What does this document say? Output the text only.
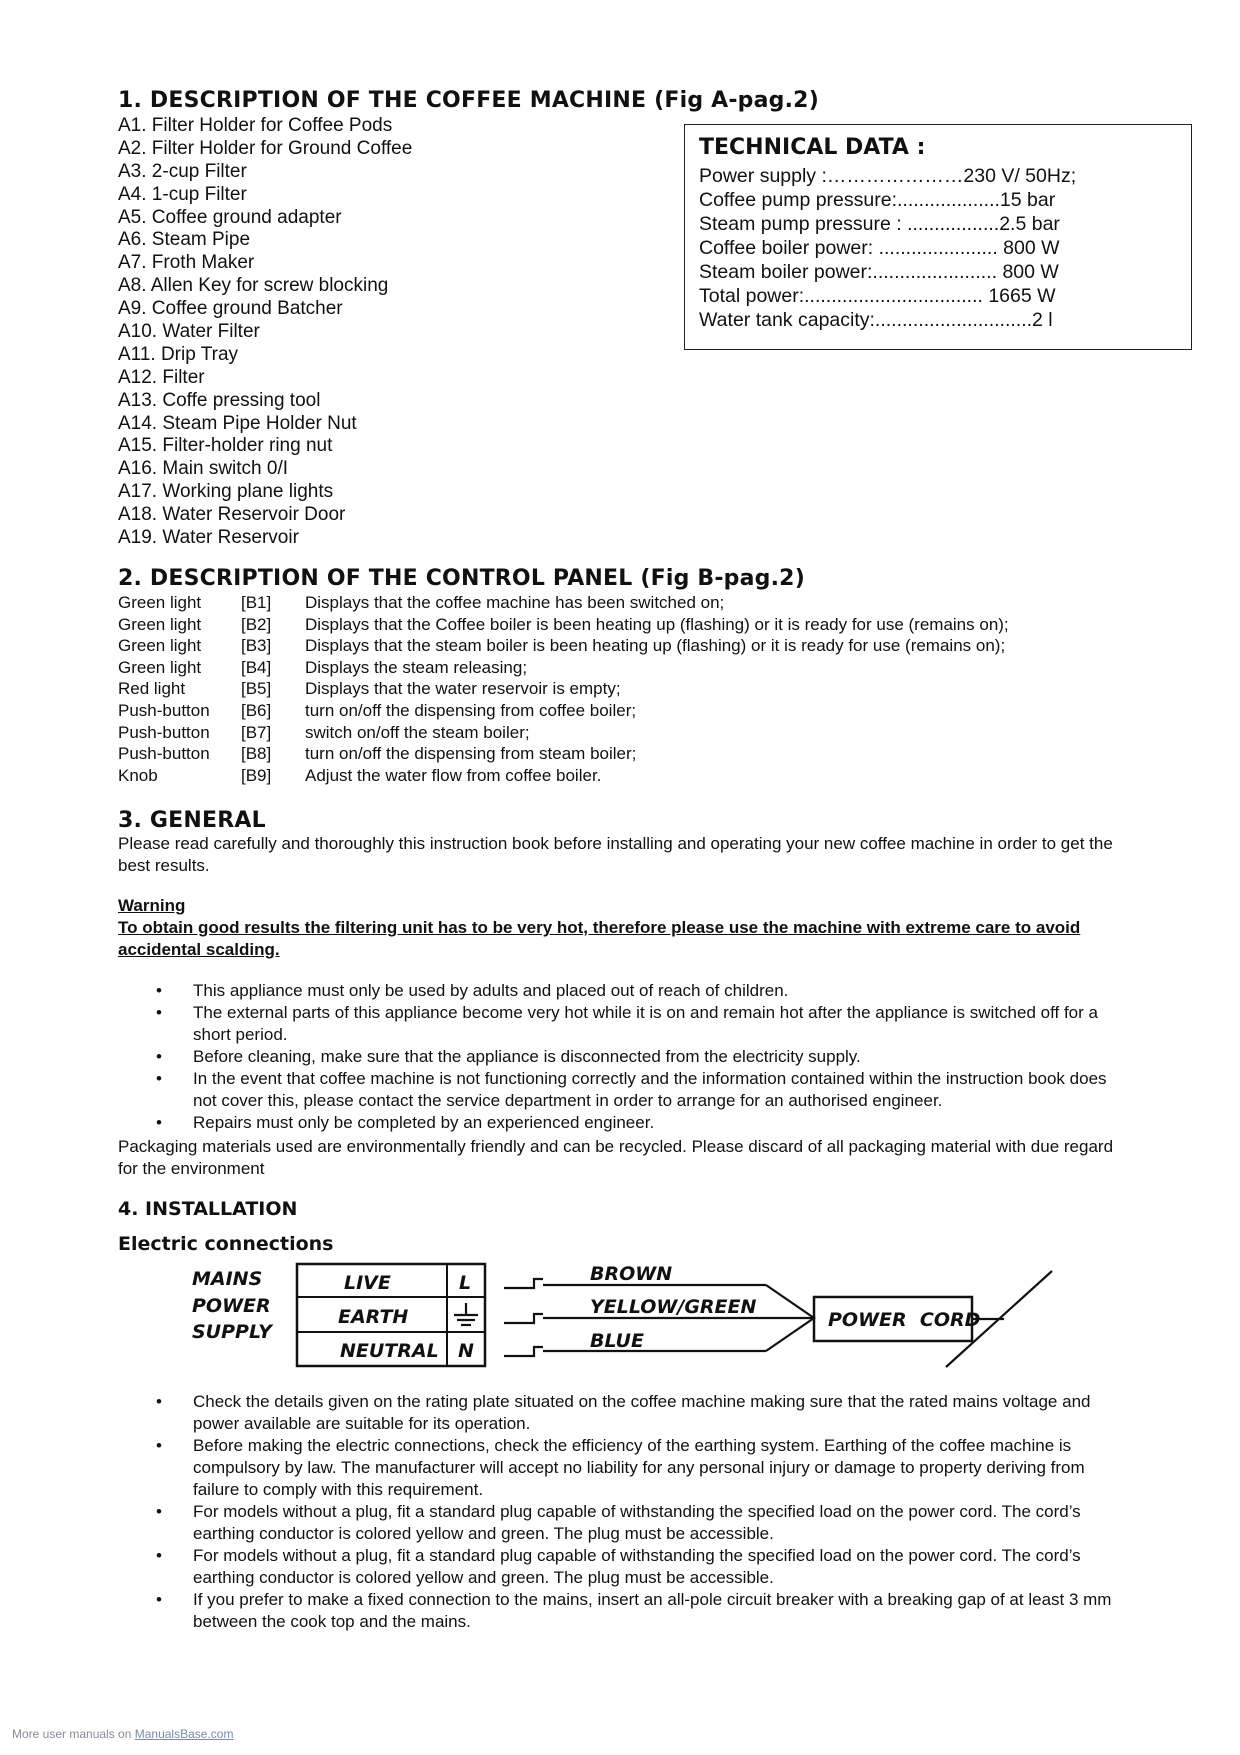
1. DESCRIPTION OF THE COFFEE MACHINE (Fig A-pag.2)
A1. Filter Holder for Coffee Pods
A2. Filter Holder for Ground Coffee
A3. 2-cup Filter
A4. 1-cup Filter
A5. Coffee ground adapter
A6. Steam Pipe
A7. Froth Maker
A8. Allen Key for screw blocking
A9. Coffee ground Batcher
A10. Water Filter
A11. Drip Tray
A12. Filter
A13. Coffe pressing tool
A14. Steam Pipe Holder Nut
A15. Filter-holder ring nut
A16. Main switch 0/I
A17. Working plane lights
A18. Water Reservoir Door
A19. Water Reservoir
TECHNICAL DATA :
Power supply :…………………230 V/ 50Hz;
Coffee pump pressure:...................15 bar
Steam pump pressure : .................2.5 bar
Coffee boiler power: ...................... 800 W
Steam boiler power:....................... 800 W
Total power:................................. 1665 W
Water tank capacity:.............................2 l
2. DESCRIPTION OF THE CONTROL PANEL (Fig B-pag.2)
Green light	[B1]	Displays that the coffee machine has been switched on;
Green light	[B2]	Displays that the Coffee boiler is been heating up (flashing) or it is ready for use (remains on);
Green light	[B3]	Displays that the steam boiler is been heating up (flashing) or it is ready for use (remains on);
Green light	[B4]	Displays the steam releasing;
Red light	[B5]	Displays that the water reservoir is empty;
Push-button	[B6]	turn on/off the dispensing from coffee boiler;
Push-button	[B7]	switch on/off the steam boiler;
Push-button	[B8]	turn on/off the dispensing from steam boiler;
Knob	[B9]	Adjust the water flow from coffee boiler.
3. GENERAL

Please read carefully and thoroughly this instruction book before installing and operating your new coffee machine in order to get the best results.

Warning

To obtain good results the filtering unit has to be very hot, therefore please use the machine with extreme care to avoid accidental scalding.

• This appliance must only be used by adults and placed out of reach of children.
• The external parts of this appliance become very hot while it is on and remain hot after the appliance is switched off for a short period.
• Before cleaning, make sure that the appliance is disconnected from the electricity supply.
• In the event that coffee machine is not functioning correctly and the information contained within the instruction book does not cover this, please contact the service department in order to arrange for an authorised engineer.
• Repairs must only be completed by an experienced engineer.

Packaging materials used are environmentally friendly and can be recycled. Please discard of all packaging material with due regard for the environment

4. INSTALLATION
Electric connections
MAINS
POWER
SUPPLY
LIVE
EARTH
NEUTRAL
L
N
BROWN
YELLOW/GREEN
BLUE
POWER  CORD
• Check the details given on the rating plate situated on the coffee machine making sure that the rated mains voltage and power available are suitable for its operation.
• Before making the electric connections, check the efficiency of the earthing system. Earthing of the coffee machine is compulsory by law. The manufacturer will accept no liability for any personal injury or damage to property deriving from failure to comply with this requirement.
• For models without a plug, fit a standard plug capable of withstanding the specified load on the power cord. The cord’s earthing conductor is colored yellow and green. The plug must be accessible.
• For models without a plug, fit a standard plug capable of withstanding the specified load on the power cord. The cord’s earthing conductor is colored yellow and green. The plug must be accessible.
• If you prefer to make a fixed connection to the mains, insert an all-pole circuit breaker with a breaking gap of at least 3 mm between the cook top and the mains.
More user manuals on ManualsBase.com
